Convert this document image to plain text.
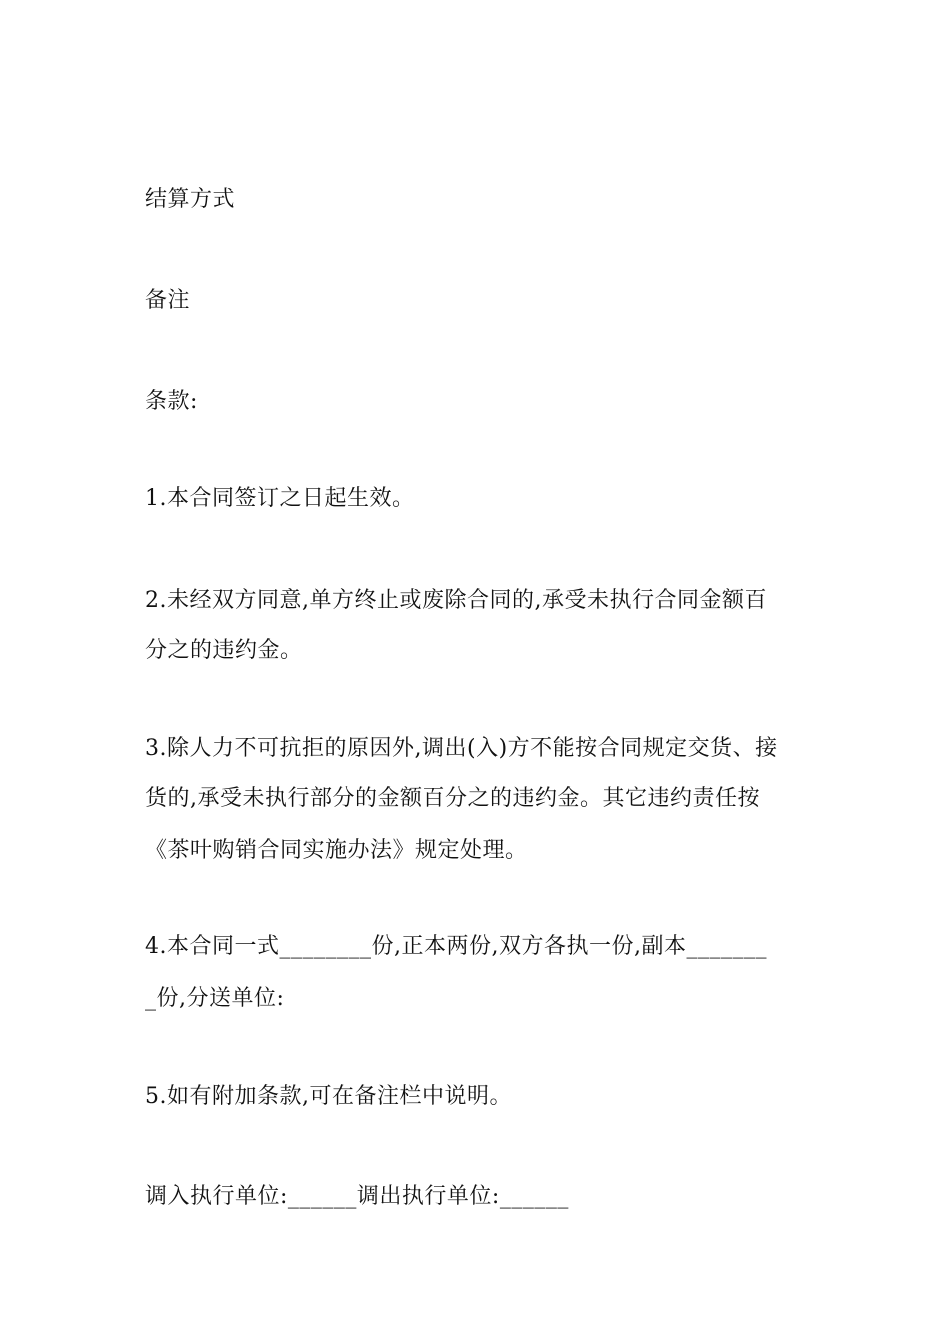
结算方式
备注
条款:
1.本合同签订之日起生效。
2.未经双方同意,单方终止或废除合同的,承受未执行合同金额百
分之的违约金。
3.除人力不可抗拒的原因外,调出(入)方不能按合同规定交货、接
货的,承受未执行部分的金额百分之的违约金。其它违约责任按
《茶叶购销合同实施办法》规定处理。
4.本合同一式________份,正本两份,双方各执一份,副本_______
_份,分送单位:
5.如有附加条款,可在备注栏中说明。
调入执行单位:______调出执行单位:______
